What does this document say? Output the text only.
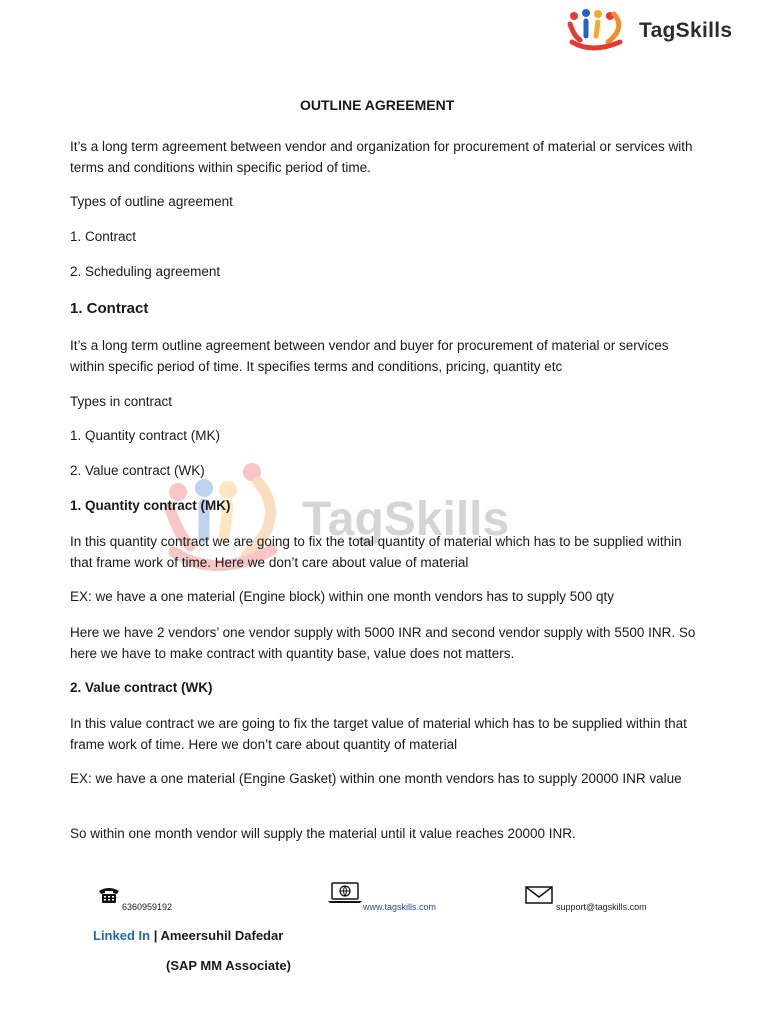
TagSkills
TagSkills
OUTLINE AGREEMENT

It’s a long term agreement between vendor and organization for procurement of material or services with terms and conditions within specific period of time.

Types of outline agreement

1. Contract

2. Scheduling agreement

1. Contract

It’s a long term outline agreement between vendor and buyer for procurement of material or services within specific period of time. It specifies terms and conditions, pricing, quantity etc

Types in contract

1. Quantity contract (MK)

2. Value contract (WK)

1. Quantity contract (MK)

In this quantity contract we are going to fix the total quantity of material which has to be supplied within that frame work of time. Here we don’t care about value of material

EX: we have a one material (Engine block) within one month vendors has to supply 500 qty

Here we have 2 vendors’ one vendor supply with 5000 INR and second vendor supply with 5500 INR. So here we have to make contract with quantity base, value does not matters.

2. Value contract (WK)

In this value contract we are going to fix the target value of material which has to be supplied within that frame work of time. Here we don’t care about quantity of material

EX: we have a one material (Engine Gasket) within one month vendors has to supply 20000 INR value

So within one month vendor will supply the material until it value reaches 20000 INR.

6360959192	www.tagskills.com	support@tagskills.com
Linked In | Ameersuhil Dafedar
(SAP MM Associate)
